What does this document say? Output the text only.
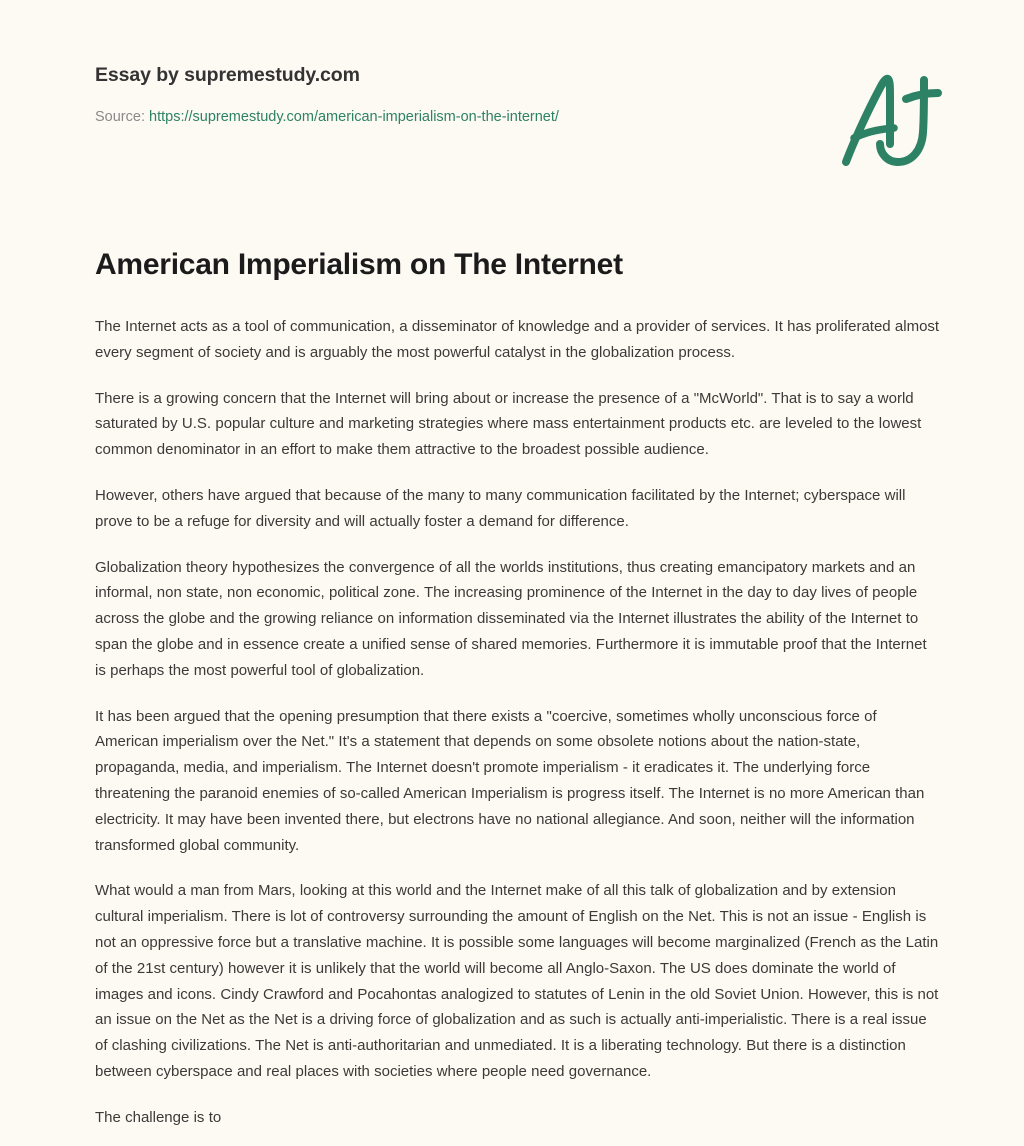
Essay by supremestudy.com

Source: https://supremestudy.com/american-imperialism-on-the-internet/

American Imperialism on The Internet

The Internet acts as a tool of communication, a disseminator of knowledge and a provider of services. It has proliferated almost every segment of society and is arguably the most powerful catalyst in the globalization process.

There is a growing concern that the Internet will bring about or increase the presence of a "McWorld". That is to say a world saturated by U.S. popular culture and marketing strategies where mass entertainment products etc. are leveled to the lowest common denominator in an effort to make them attractive to the broadest possible audience.

However, others have argued that because of the many to many communication facilitated by the Internet; cyberspace will prove to be a refuge for diversity and will actually foster a demand for difference.

Globalization theory hypothesizes the convergence of all the worlds institutions, thus creating emancipatory markets and an informal, non state, non economic, political zone. The increasing prominence of the Internet in the day to day lives of people across the globe and the growing reliance on information disseminated via the Internet illustrates the ability of the Internet to span the globe and in essence create a unified sense of shared memories. Furthermore it is immutable proof that the Internet is perhaps the most powerful tool of globalization.

It has been argued that the opening presumption that there exists a "coercive, sometimes wholly unconscious force of American imperialism over the Net." It's a statement that depends on some obsolete notions about the nation-state, propaganda, media, and imperialism. The Internet doesn't promote imperialism - it eradicates it. The underlying force threatening the paranoid enemies of so-called American Imperialism is progress itself. The Internet is no more American than electricity. It may have been invented there, but electrons have no national allegiance. And soon, neither will the information transformed global community.

What would a man from Mars, looking at this world and the Internet make of all this talk of globalization and by extension cultural imperialism. There is lot of controversy surrounding the amount of English on the Net. This is not an issue - English is not an oppressive force but a translative machine. It is possible some languages will become marginalized (French as the Latin of the 21st century) however it is unlikely that the world will become all Anglo-Saxon. The US does dominate the world of images and icons. Cindy Crawford and Pocahontas analogized to statutes of Lenin in the old Soviet Union. However, this is not an issue on the Net as the Net is a driving force of globalization and as such is actually anti-imperialistic. There is a real issue of clashing civilizations. The Net is anti-authoritarian and unmediated. It is a liberating technology. But there is a distinction between cyberspace and real places with societies where people need governance.

The challenge is to
